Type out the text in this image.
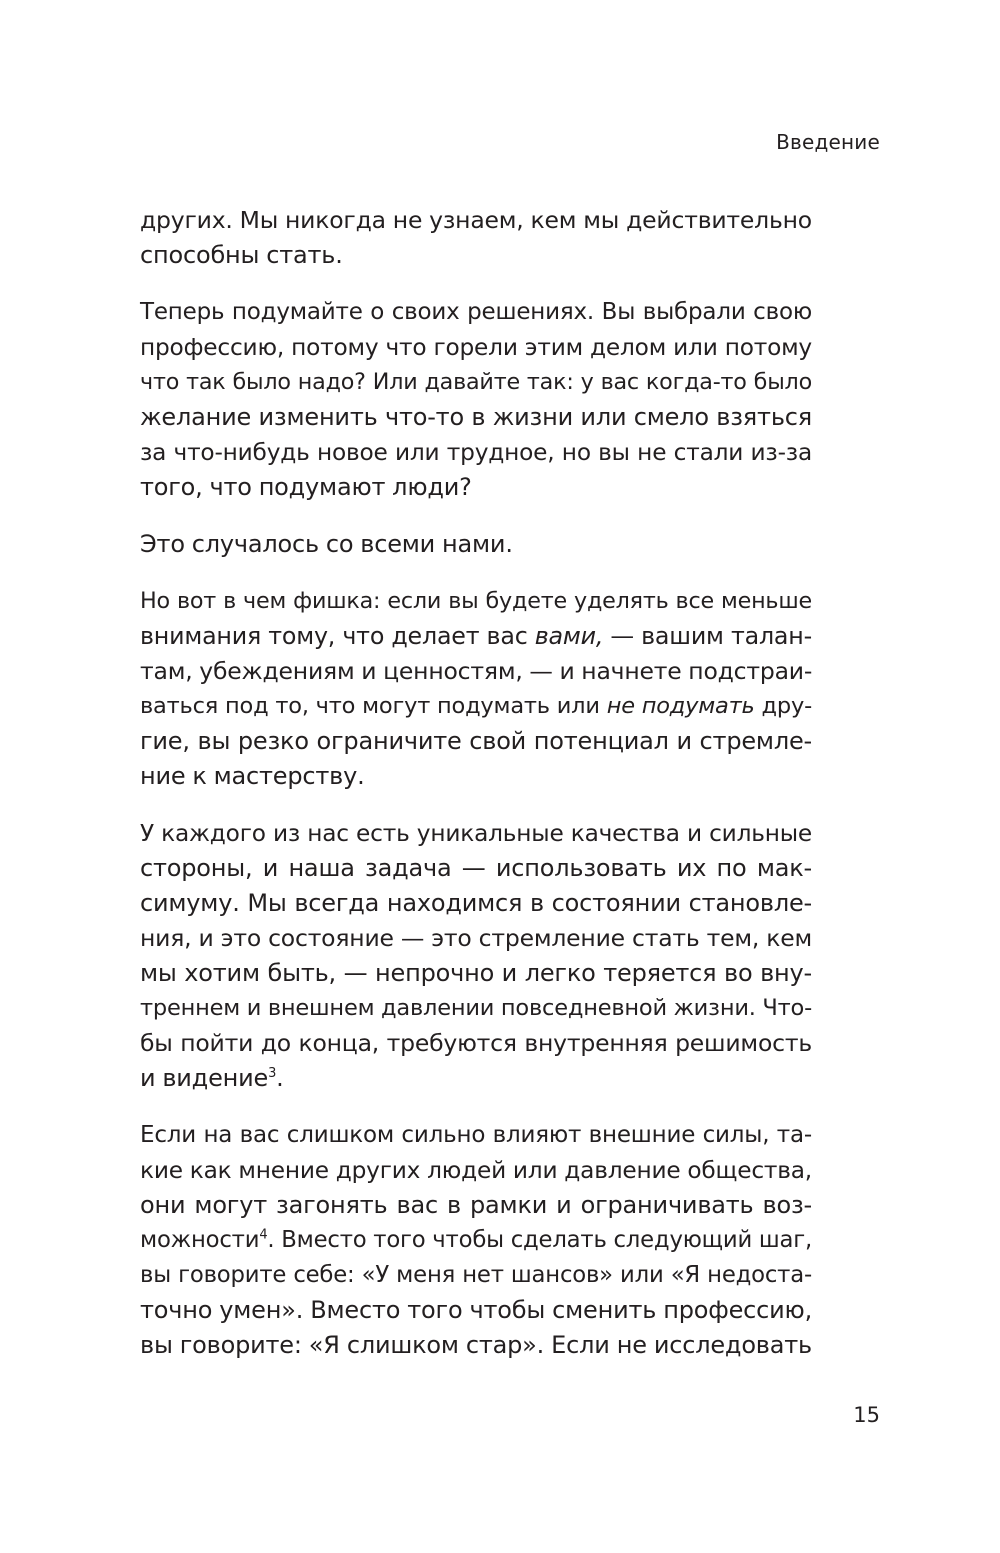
Введение

других. Мы никогда не узнаем, кем мы действительно
способны стать.

Теперь подумайте о своих решениях. Вы выбрали свою
профессию, потому что горели этим делом или потому
что так было надо? Или давайте так: у вас когда-то было
желание изменить что-то в жизни или смело взяться
за что-нибудь новое или трудное, но вы не стали из-за
того, что подумают люди?

Это случалось со всеми нами.

Но вот в чем фишка: если вы будете уделять все меньше
внимания тому, что делает вас вами, — вашим талан-
там, убеждениям и ценностям, — и начнете подстраи-
ваться под то, что могут подумать или не подумать дру-
гие, вы резко ограничите свой потенциал и стремле-
ние к мастерству.

У каждого из нас есть уникальные качества и сильные
стороны, и наша задача — использовать их по мак-
симуму. Мы всегда находимся в состоянии становле-
ния, и это состояние — это стремление стать тем, кем
мы хотим быть, — непрочно и легко теряется во вну-
треннем и внешнем давлении повседневной жизни. Что-
бы пойти до конца, требуются внутренняя решимость
и видение$^3$.

Если на вас слишком сильно влияют внешние силы, та-
кие как мнение других людей или давление общества,
они могут загонять вас в рамки и ограничивать воз-
можности$^4$. Вместо того чтобы сделать следующий шаг,
вы говорите себе: «У меня нет шансов» или «Я недоста-
точно умен». Вместо того чтобы сменить профессию,
вы говорите: «Я слишком стар». Если не исследовать

15
